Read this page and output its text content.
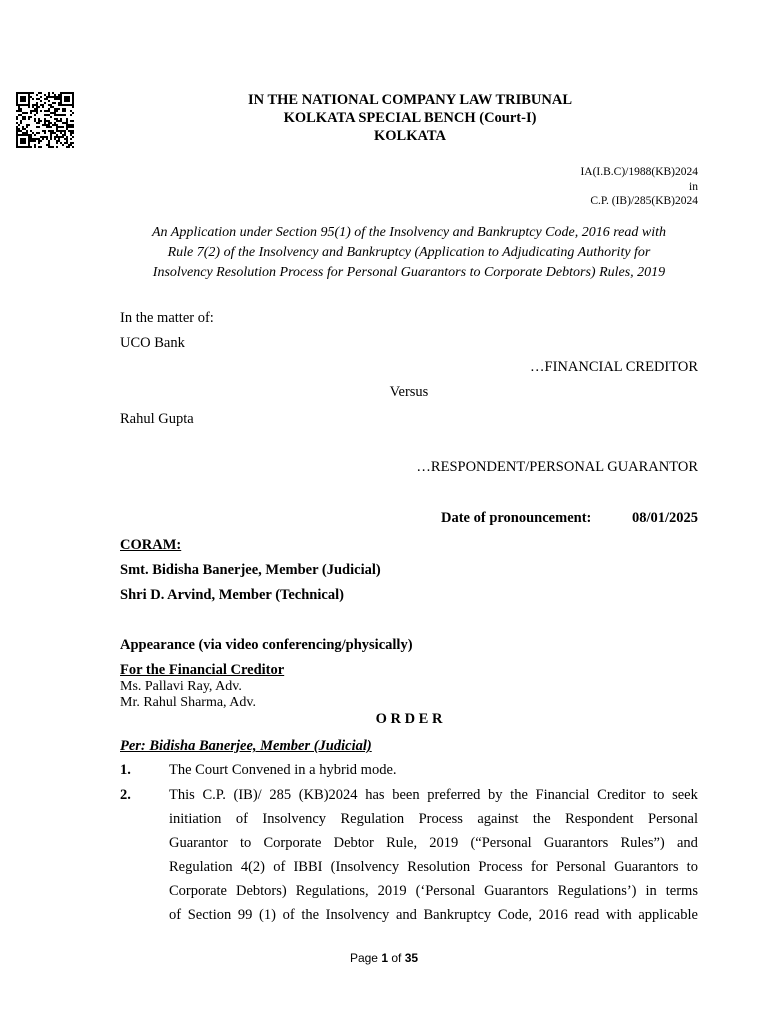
IN THE NATIONAL COMPANY LAW TRIBUNAL
KOLKATA SPECIAL BENCH (Court-I)
KOLKATA
IA(I.B.C)/1988(KB)2024
in
C.P. (IB)/285(KB)2024
An Application under Section 95(1) of the Insolvency and Bankruptcy Code, 2016 read with
Rule 7(2) of the Insolvency and Bankruptcy (Application to Adjudicating Authority for
Insolvency Resolution Process for Personal Guarantors to Corporate Debtors) Rules, 2019
In the matter of:
UCO Bank
…FINANCIAL CREDITOR
Versus
Rahul Gupta
…RESPONDENT/PERSONAL GUARANTOR
Date of pronouncement:	08/01/2025
CORAM:
Smt. Bidisha Banerjee, Member (Judicial)
Shri D. Arvind, Member (Technical)
Appearance (via video conferencing/physically)
For the Financial Creditor
Ms. Pallavi Ray, Adv.
Mr. Rahul Sharma, Adv.
O R D E R
Per: Bidisha Banerjee, Member (Judicial)
1.	The Court Convened in a hybrid mode.
2.	This C.P. (IB)/ 285 (KB)2024 has been preferred by the Financial Creditor to seek
initiation of Insolvency Regulation Process against the Respondent Personal
Guarantor to Corporate Debtor Rule, 2019 (“Personal Guarantors Rules”) and
Regulation 4(2) of IBBI (Insolvency Resolution Process for Personal Guarantors to
Corporate Debtors) Regulations, 2019 (‘Personal Guarantors Regulations’) in terms
of Section 99 (1) of the Insolvency and Bankruptcy Code, 2016 read with applicable
Page 1 of 35
